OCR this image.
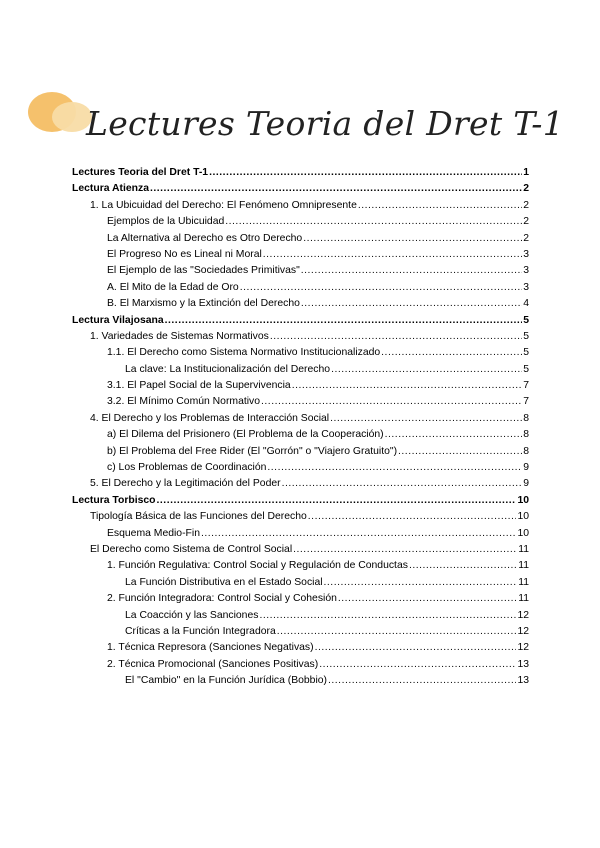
Lectures Teoria del Dret T-1
Lectures Teoria del Dret T-1 .....	1
Lectura Atienza .....	2
1. La Ubicuidad del Derecho: El Fenómeno Omnipresente .....	2
Ejemplos de la Ubicuidad .....	2
La Alternativa al Derecho es Otro Derecho .....	2
El Progreso No es Lineal ni Moral .....	3
El Ejemplo de las "Sociedades Primitivas" .....	3
A. El Mito de la Edad de Oro .....	3
B. El Marxismo y la Extinción del Derecho .....	4
Lectura Vilajosana .....	5
1. Variedades de Sistemas Normativos .....	5
1.1. El Derecho como Sistema Normativo Institucionalizado .....	5
La clave: La Institucionalización del Derecho .....	5
3.1. El Papel Social de la Supervivencia .....	7
3.2. El Mínimo Común Normativo .....	7
4. El Derecho y los Problemas de Interacción Social .....	8
a) El Dilema del Prisionero (El Problema de la Cooperación) .....	8
b) El Problema del Free Rider (El "Gorrón" o "Viajero Gratuito") .....	8
c) Los Problemas de Coordinación .....	9
5. El Derecho y la Legitimación del Poder .....	9
Lectura Torbisco .....	10
Tipología Básica de las Funciones del Derecho .....	10
Esquema Medio-Fin .....	10
El Derecho como Sistema de Control Social .....	11
1. Función Regulativa: Control Social y Regulación de Conductas .....	11
La Función Distributiva en el Estado Social .....	11
2. Función Integradora: Control Social y Cohesión .....	11
La Coacción y las Sanciones .....	12
Críticas a la Función Integradora .....	12
1. Técnica Represora (Sanciones Negativas) .....	12
2. Técnica Promocional (Sanciones Positivas) .....	13
El "Cambio" en la Función Jurídica (Bobbio) .....	13
